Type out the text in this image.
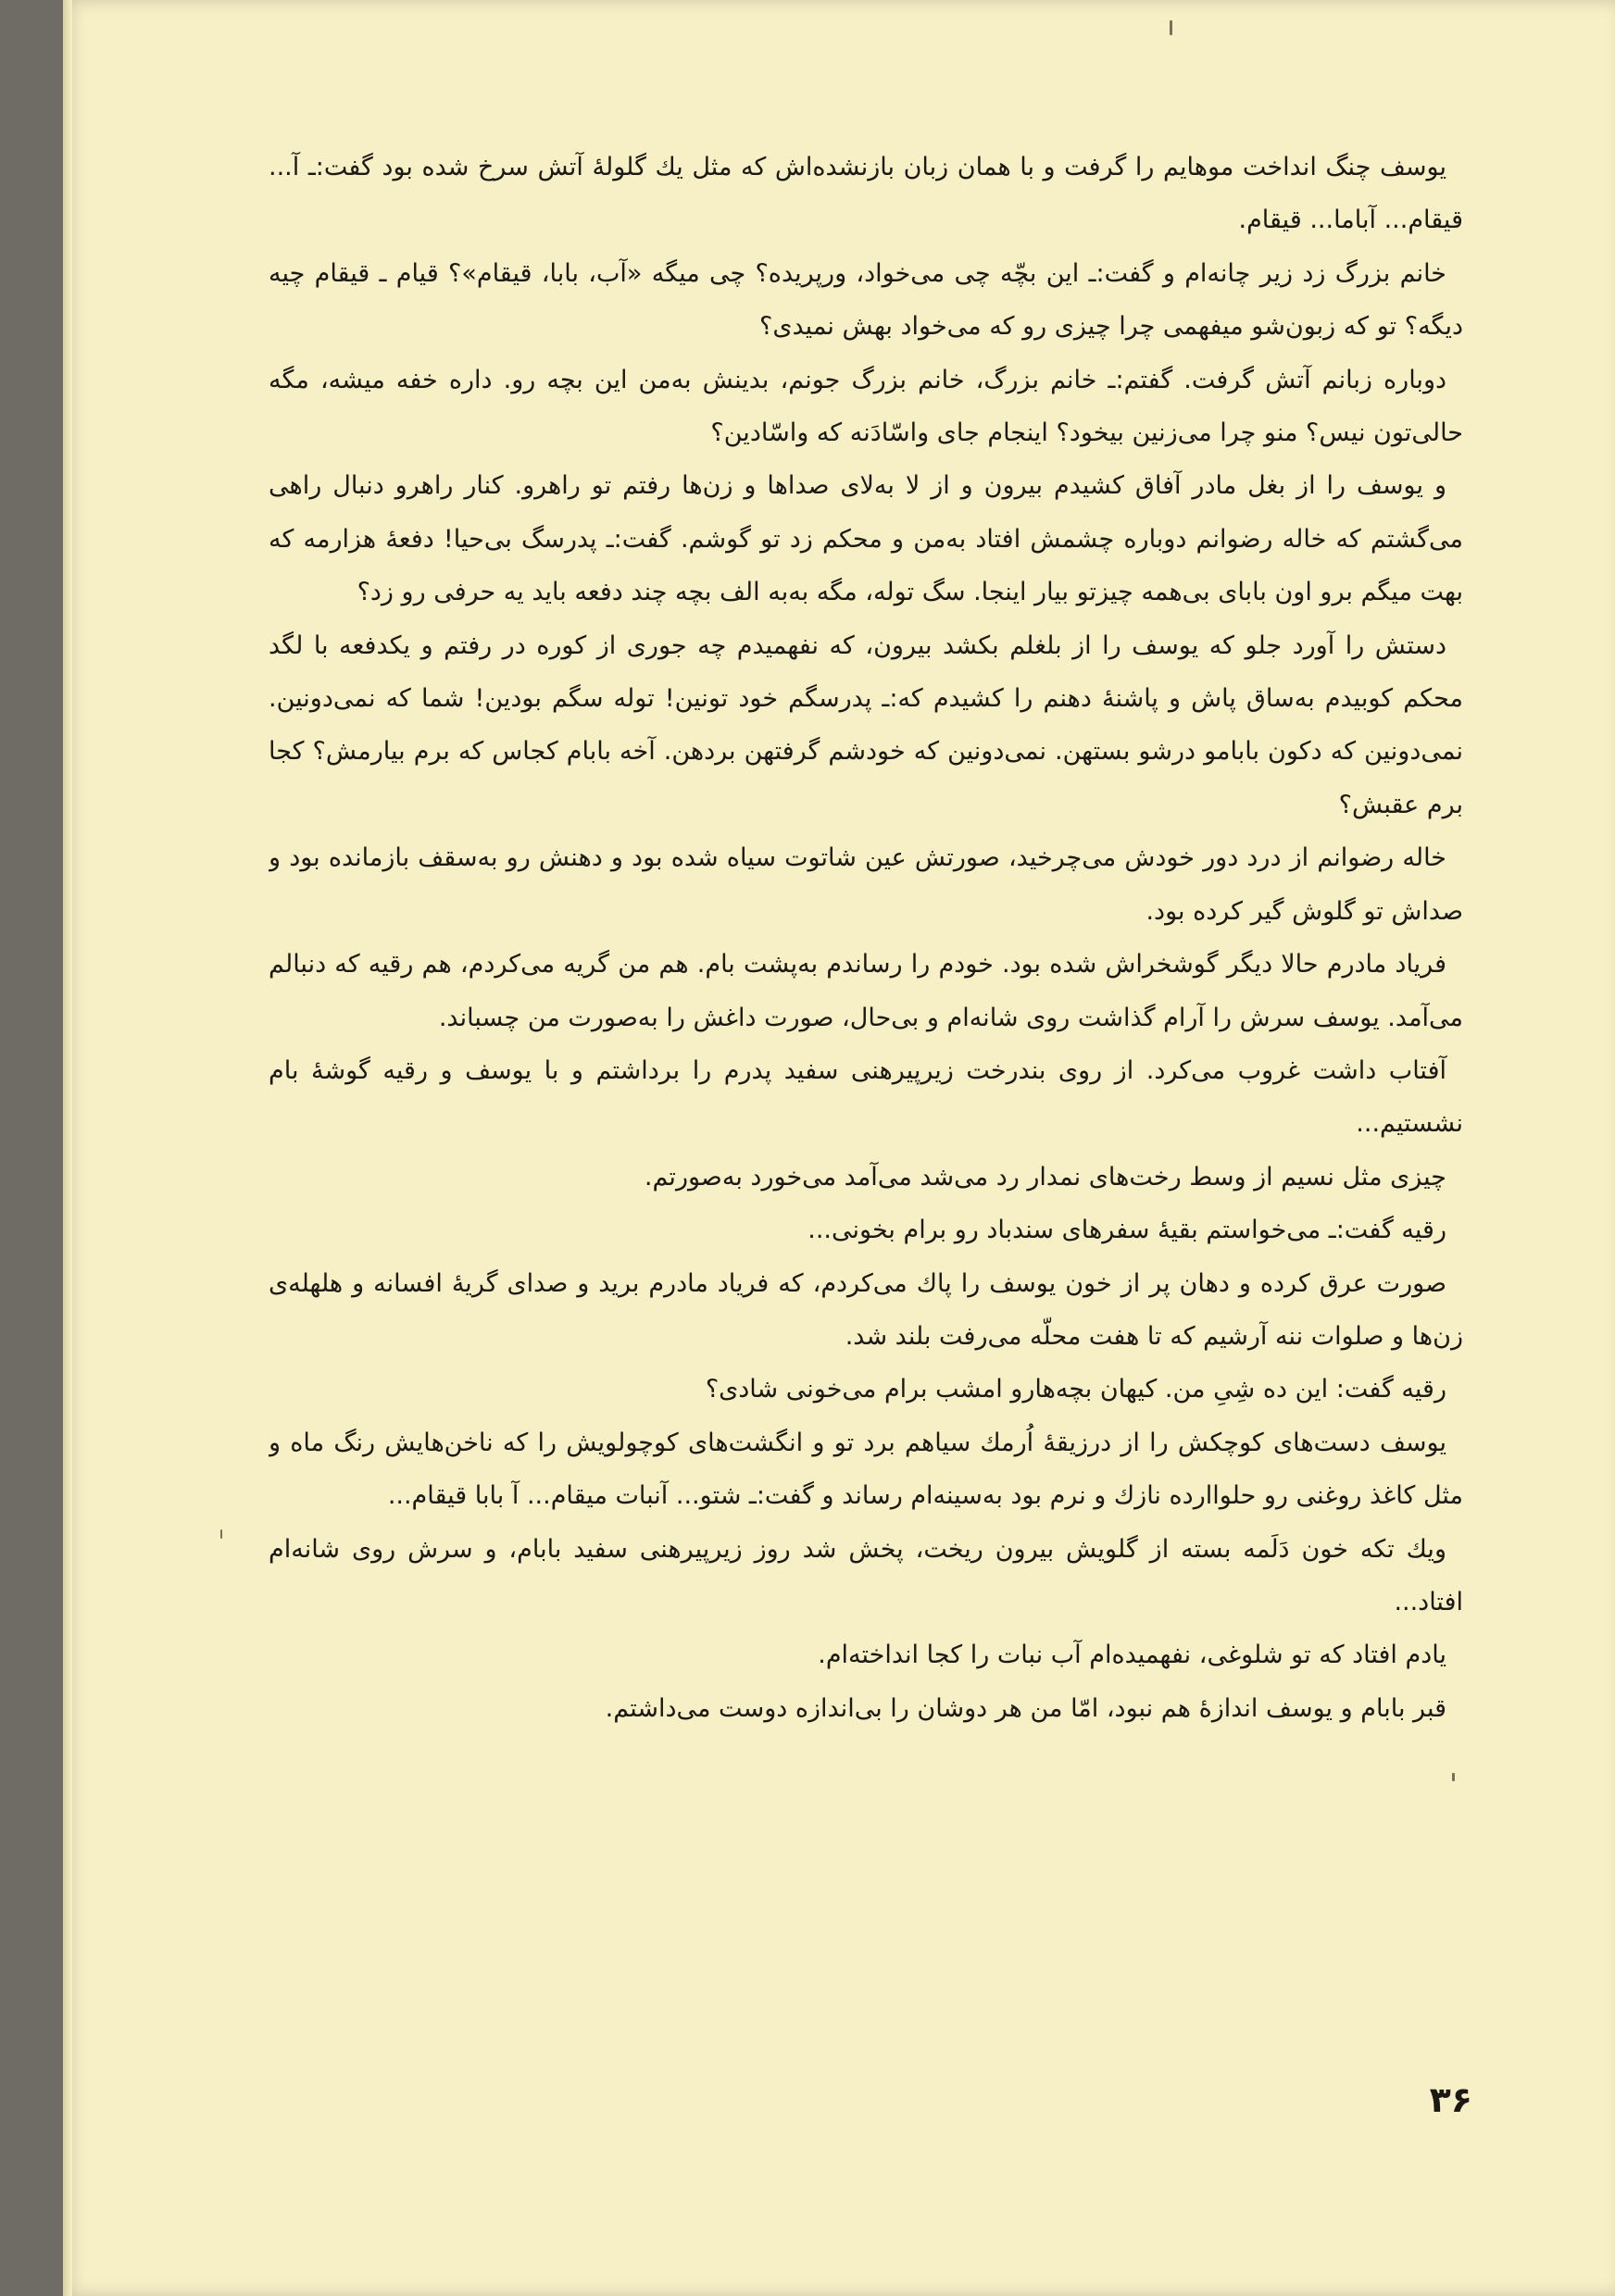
یوسف چنگ انداخت موهایم را گرفت و با همان زبان بازنشده‌اش که مثل یك گلولهٔ آتش سرخ شده بود گفت:ـ آ... قیقام... آباما... قیقام.

خانم بزرگ زد زیر چانه‌ام و گفت:ـ این بچّه چی می‌خواد، ورپریده؟ چی میگه «آب، بابا، قیقام»؟ قیام ـ قیقام چیه دیگه؟ تو که زبون‌شو میفهمی چرا چیزی رو که می‌خواد بهش نمیدی؟

دوباره زبانم آتش گرفت. گفتم:ـ خانم بزرگ، خانم بزرگ جونم، بدینش به‌من این بچه رو. داره خفه میشه، مگه حالی‌تون نیس؟ منو چرا می‌زنین بیخود؟ اینجام جای واسّادَنه که واسّادین؟

و یوسف را از بغل مادر آفاق کشیدم بیرون و از لا به‌لای صداها و زن‌ها رفتم تو راهرو. کنار راهرو دنبال راهی می‌گشتم که خاله رضوانم دوباره چشمش افتاد به‌من و محکم زد تو گوشم. گفت:ـ پدرسگ بی‌حیا! دفعهٔ هزارمه که بهت میگم برو اون بابای بی‌همه چیزتو بیار اینجا. سگ توله، مگه به‌به الف بچه چند دفعه باید یه حرفی رو زد؟

دستش را آورد جلو که یوسف را از بلغلم بکشد بیرون، که نفهمیدم چه جوری از کوره در رفتم و یکدفعه با لگد محکم کوبیدم به‌ساق پاش و پاشنهٔ دهنم را کشیدم که:ـ پدرسگم خود تونین! توله سگم بودین! شما که نمی‌دونین. نمی‌دونین که دکون بابامو درشو بستهن. نمی‌دونین که خودشم گرفتهن بردهن. آخه بابام کجاس که برم بیارمش؟ کجا برم عقبش؟

خاله رضوانم از درد دور خودش می‌چرخید، صورتش عین شاتوت سیاه شده بود و دهنش رو به‌سقف بازمانده بود و صداش تو گلوش گیر کرده بود.

فریاد مادرم حالا دیگر گوشخراش شده بود. خودم را رساندم به‌پشت بام. هم من گریه می‌کردم، هم رقیه که دنبالم می‌آمد. یوسف سرش را آرام گذاشت روی شانه‌ام و بی‌حال، صورت داغش را به‌صورت من چسباند.

آفتاب داشت غروب می‌کرد. از روی بندرخت زیرپیرهنی سفید پدرم را برداشتم و با یوسف و رقیه گوشهٔ بام نشستیم...

چیزی مثل نسیم از وسط رخت‌های نمدار رد می‌شد می‌آمد می‌خورد به‌صورتم.

رقیه گفت:ـ می‌خواستم بقیهٔ سفرهای سندباد رو برام بخونی...

صورت عرق کرده و دهان پر از خون یوسف را پاك می‌کردم، که فریاد مادرم برید و صدای گریهٔ افسانه و هلهله‌ی زن‌ها و صلوات ننه آرشیم که تا هفت محلّه می‌رفت بلند شد.

رقیه گفت: این ده شِیِ من. کیهان بچه‌هارو امشب برام می‌خونی شادی؟

یوسف دست‌های کوچکش را از درزیقهٔ اُرمك سیاهم برد تو و انگشت‌های کوچولویش را که ناخن‌هایش رنگ ماه و مثل کاغذ روغنی رو حلواارده نازك و نرم بود به‌سینه‌ام رساند و گفت:ـ شتو... آنبات میقام... آ بابا قیقام...

ویك تکه خون دَلَمه بسته از گلویش بیرون ریخت، پخش شد روز زیرپیرهنی سفید بابام، و سرش روی شانه‌ام افتاد...

یادم افتاد که تو شلوغی، نفهمیده‌ام آب نبات را کجا انداخته‌ام.

قبر بابام و یوسف اندازهٔ هم نبود، امّا من هر دوشان را بی‌اندازه دوست می‌داشتم.

۳۶
